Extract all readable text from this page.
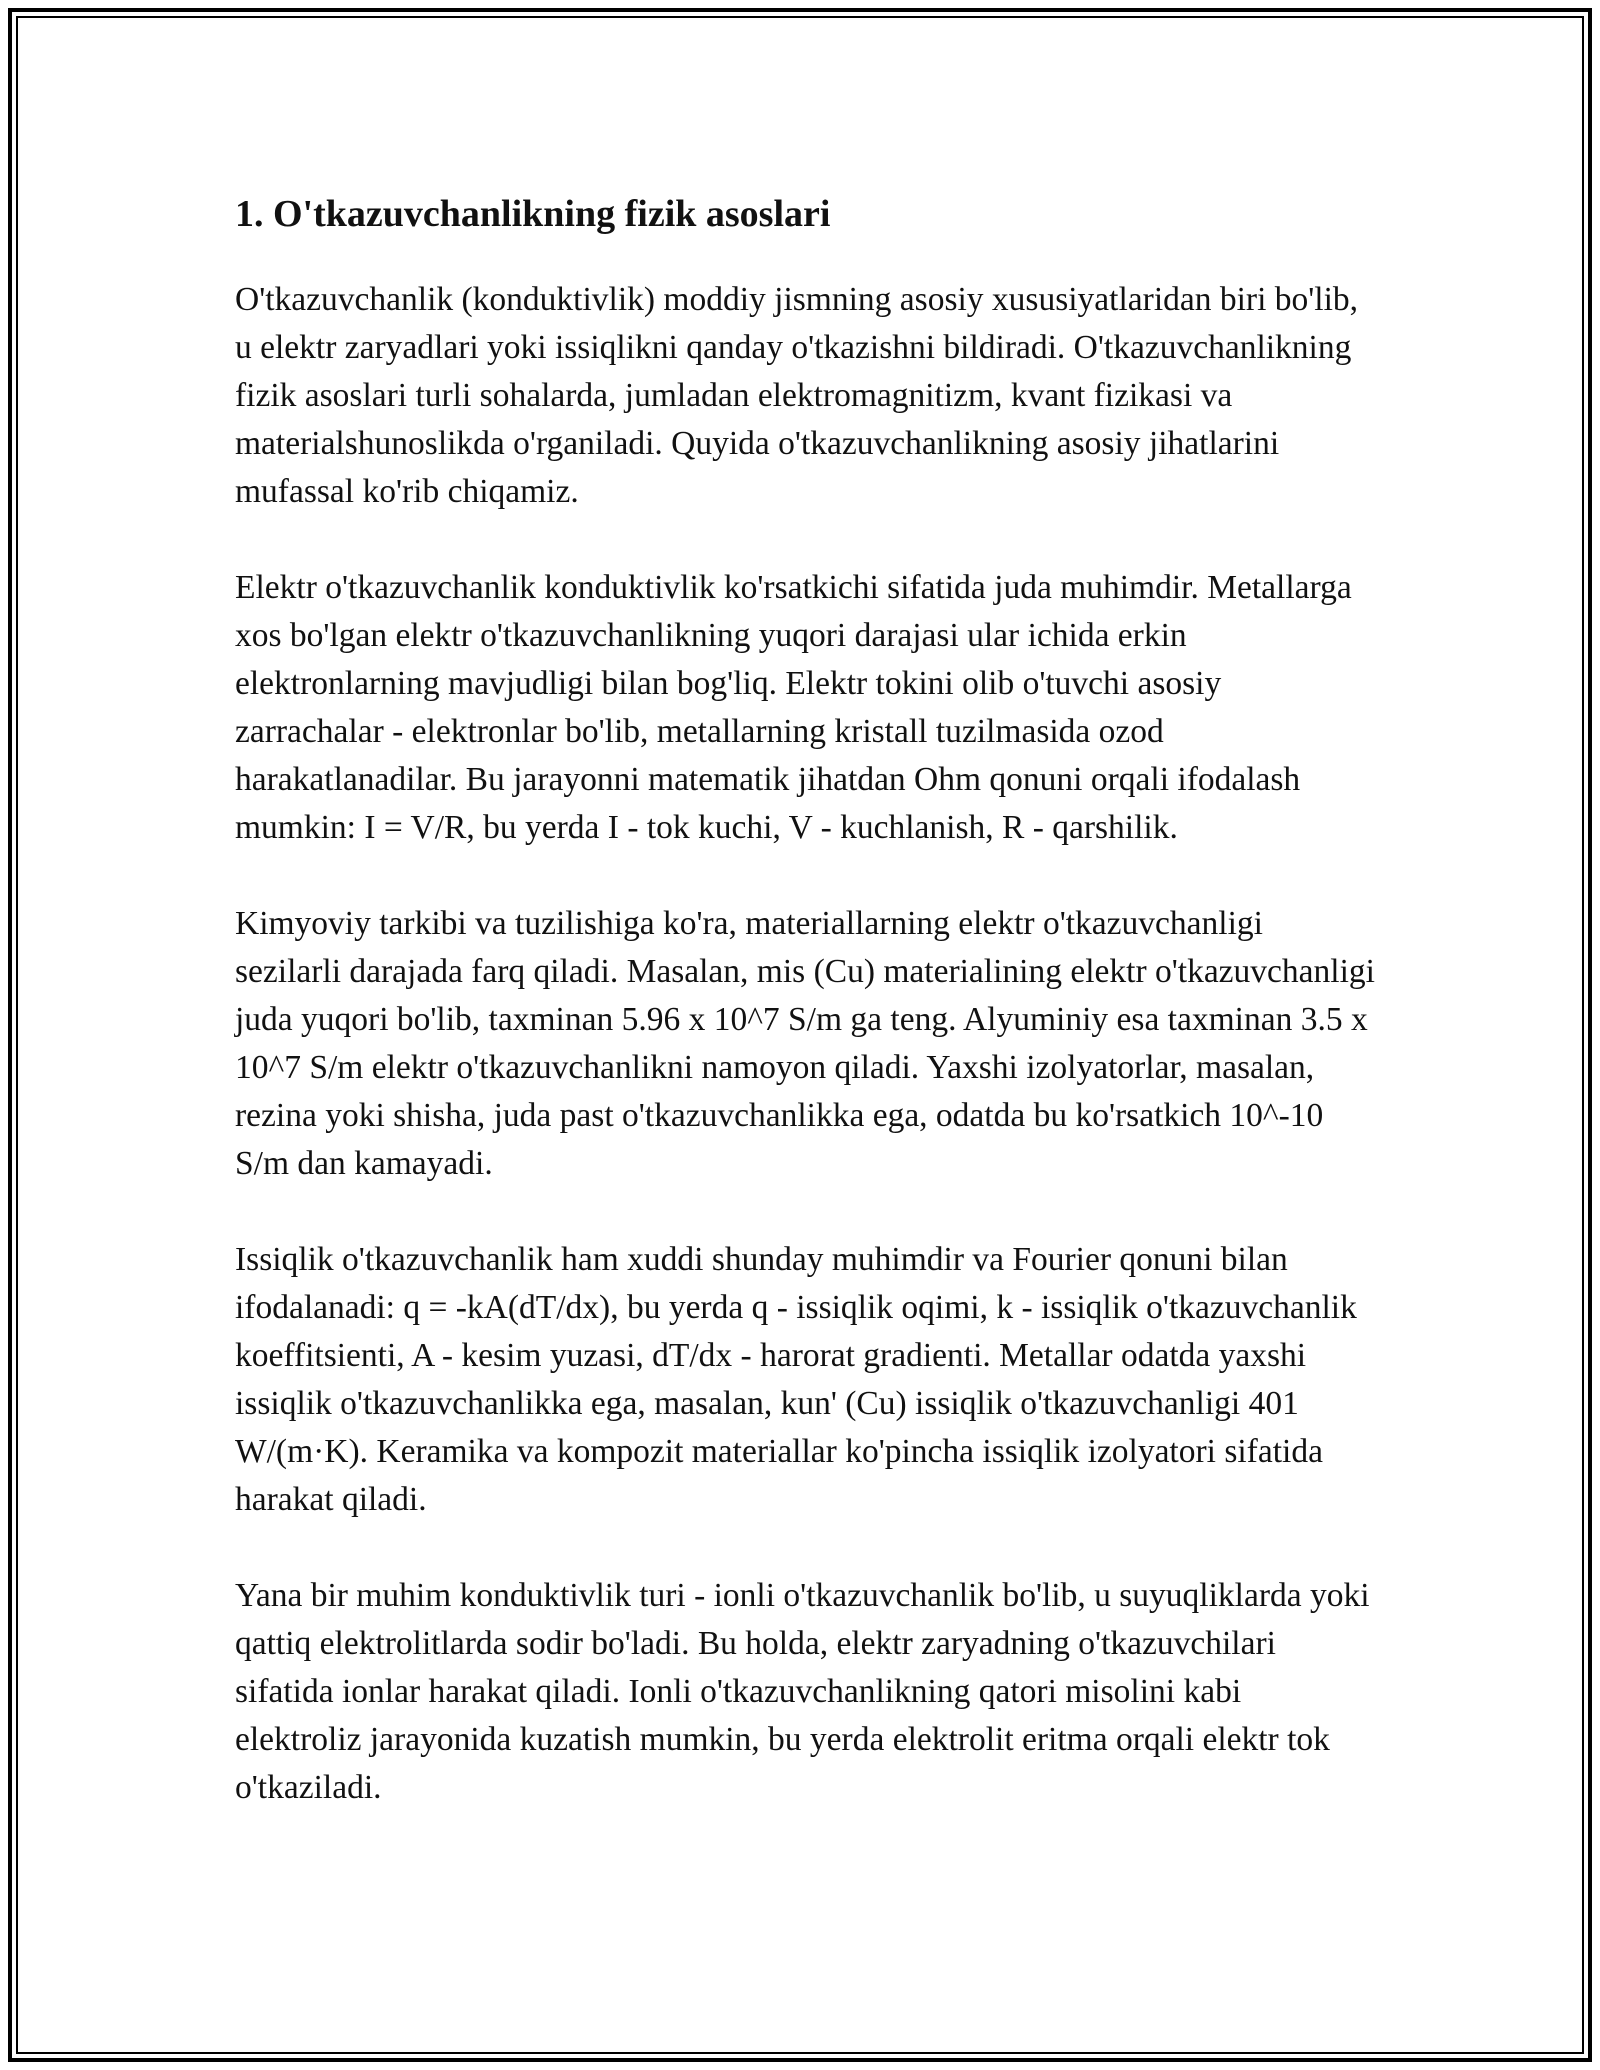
1. O'tkazuvchanlikning fizik asoslari

O'tkazuvchanlik (konduktivlik) moddiy jismning asosiy xususiyatlaridan biri bo'lib, u elektr zaryadlari yoki issiqlikni qanday o'tkazishni bildiradi. O'tkazuvchanlikning fizik asoslari turli sohalarda, jumladan elektromagnitizm, kvant fizikasi va materialshunoslikda o'rganiladi. Quyida o'tkazuvchanlikning asosiy jihatlarini mufassal ko'rib chiqamiz.

Elektr o'tkazuvchanlik konduktivlik ko'rsatkichi sifatida juda muhimdir. Metallarga xos bo'lgan elektr o'tkazuvchanlikning yuqori darajasi ular ichida erkin elektronlarning mavjudligi bilan bog'liq. Elektr tokini olib o'tuvchi asosiy zarrachalar - elektronlar bo'lib, metallarning kristall tuzilmasida ozod harakatlanadilar. Bu jarayonni matematik jihatdan Ohm qonuni orqali ifodalash mumkin: I = V/R, bu yerda I - tok kuchi, V - kuchlanish, R - qarshilik.

Kimyoviy tarkibi va tuzilishiga ko'ra, materiallarning elektr o'tkazuvchanligi sezilarli darajada farq qiladi. Masalan, mis (Cu) materialining elektr o'tkazuvchanligi juda yuqori bo'lib, taxminan 5.96 x 10^7 S/m ga teng. Alyuminiy esa taxminan 3.5 x 10^7 S/m elektr o'tkazuvchanlikni namoyon qiladi. Yaxshi izolyatorlar, masalan, rezina yoki shisha, juda past o'tkazuvchanlikka ega, odatda bu ko'rsatkich 10^-10 S/m dan kamayadi.

Issiqlik o'tkazuvchanlik ham xuddi shunday muhimdir va Fourier qonuni bilan ifodalanadi: q = -kA(dT/dx), bu yerda q - issiqlik oqimi, k - issiqlik o'tkazuvchanlik koeffitsienti, A - kesim yuzasi, dT/dx - harorat gradienti. Metallar odatda yaxshi issiqlik o'tkazuvchanlikka ega, masalan, kun' (Cu) issiqlik o'tkazuvchanligi 401 W/(m·K). Keramika va kompozit materiallar ko'pincha issiqlik izolyatori sifatida harakat qiladi.

Yana bir muhim konduktivlik turi - ionli o'tkazuvchanlik bo'lib, u suyuqliklarda yoki qattiq elektrolitlarda sodir bo'ladi. Bu holda, elektr zaryadning o'tkazuvchilari sifatida ionlar harakat qiladi. Ionli o'tkazuvchanlikning qatori misolini kabi elektroliz jarayonida kuzatish mumkin, bu yerda elektrolit eritma orqali elektr tok o'tkaziladi.
